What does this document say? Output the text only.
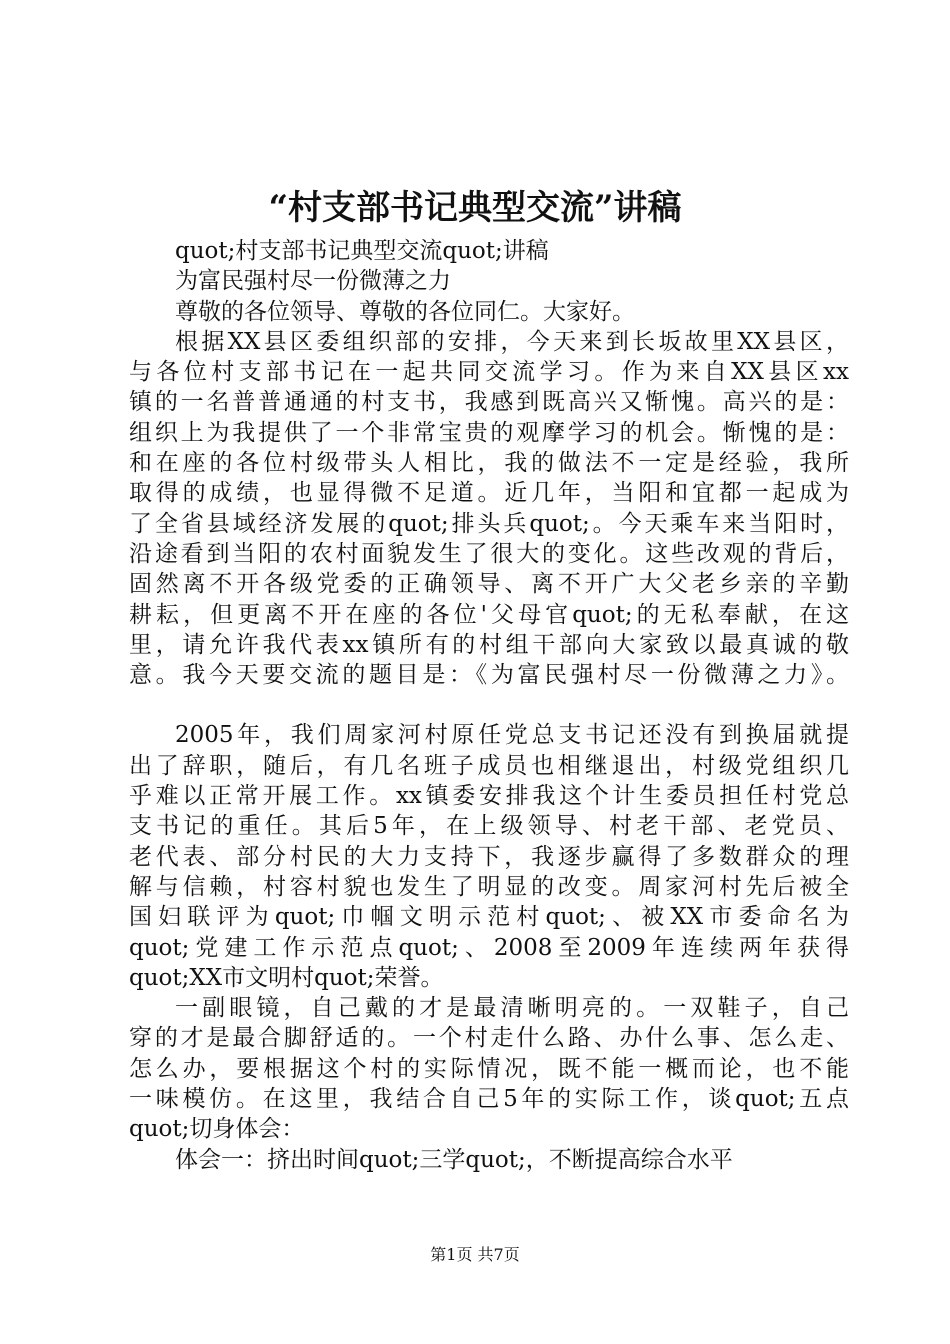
“村支部书记典型交流”讲稿
quot;村支部书记典型交流quot;讲稿
为富民强村尽一份微薄之力
尊敬的各位领导、尊敬的各位同仁。大家好。
根据XX县区委组织部的安排，今天来到长坂故里XX县区，
与各位村支部书记在一起共同交流学习。作为来自XX县区xx
镇的一名普普通通的村支书，我感到既高兴又惭愧。高兴的是：
组织上为我提供了一个非常宝贵的观摩学习的机会。惭愧的是：
和在座的各位村级带头人相比，我的做法不一定是经验，我所
取得的成绩，也显得微不足道。近几年，当阳和宜都一起成为
了全省县域经济发展的quot;排头兵quot;。今天乘车来当阳时，
沿途看到当阳的农村面貌发生了很大的变化。这些改观的背后，
固然离不开各级党委的正确领导、离不开广大父老乡亲的辛勤
耕耘，但更离不开在座的各位'父母官quot;的无私奉献，在这
里，请允许我代表xx镇所有的村组干部向大家致以最真诚的敬
意。我今天要交流的题目是：《为富民强村尽一份微薄之力》。
2005年，我们周家河村原任党总支书记还没有到换届就提
出了辞职，随后，有几名班子成员也相继退出，村级党组织几
乎难以正常开展工作。xx镇委安排我这个计生委员担任村党总
支书记的重任。其后5年，在上级领导、村老干部、老党员、
老代表、部分村民的大力支持下，我逐步赢得了多数群众的理
解与信赖，村容村貌也发生了明显的改变。周家河村先后被全
国妇联评为quot;巾帼文明示范村quot;、被XX市委命名为
quot;党建工作示范点quot;、2008至2009年连续两年获得
quot;XX市文明村quot;荣誉。
一副眼镜，自己戴的才是最清晰明亮的。一双鞋子，自己
穿的才是最合脚舒适的。一个村走什么路、办什么事、怎么走、
怎么办，要根据这个村的实际情况，既不能一概而论，也不能
一味模仿。在这里，我结合自己5年的实际工作，谈quot;五点
quot;切身体会：
体会一：挤出时间quot;三学quot;，不断提高综合水平
第1页 共7页
